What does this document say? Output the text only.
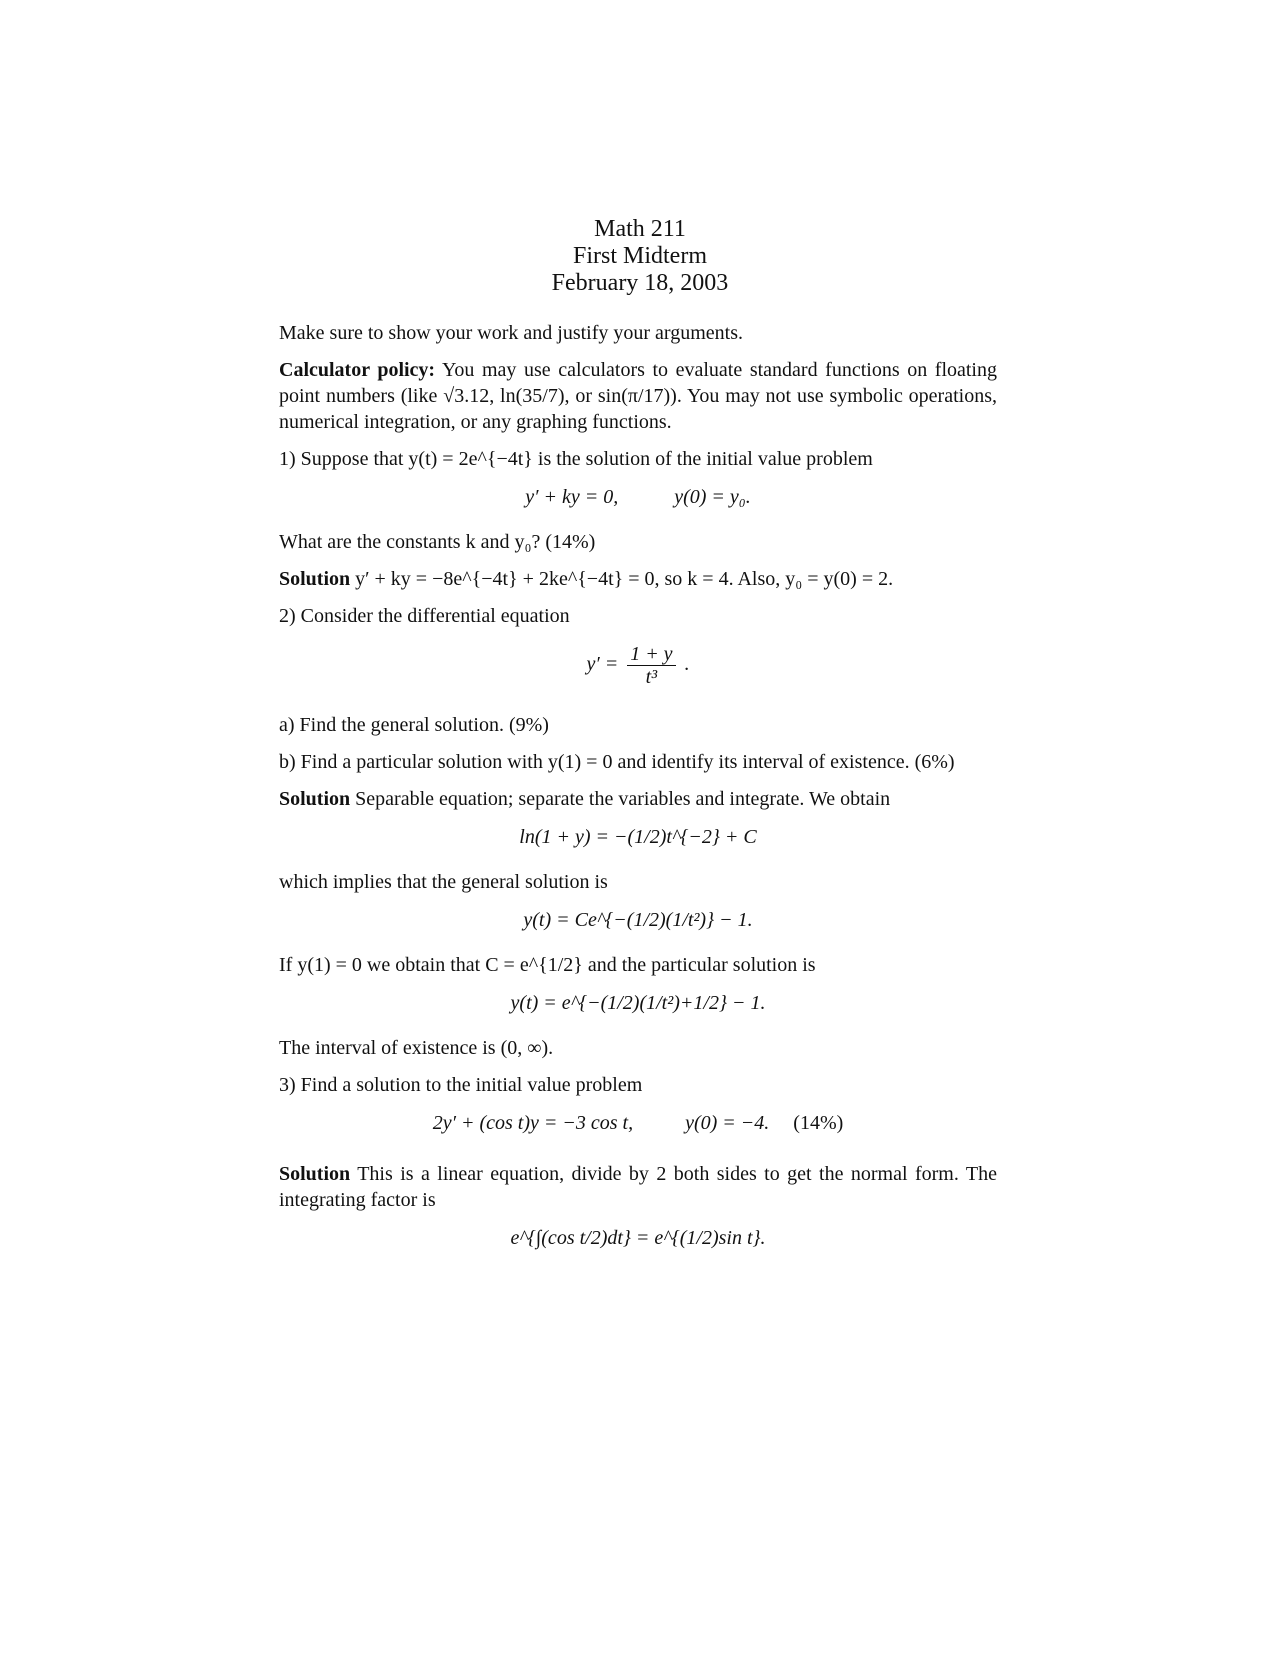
Math 211
First Midterm
February 18, 2003

Make sure to show your work and justify your arguments.

Calculator policy: You may use calculators to evaluate standard functions on floating point numbers (like √3.12, ln(35/7), or sin(π/17)). You may not use symbolic operations, numerical integration, or any graphing functions.

1) Suppose that y(t) = 2e^{−4t} is the solution of the initial value problem

y′ + ky = 0,	y(0) = y₀.

What are the constants k and y₀? (14%)

Solution y′ + ky = −8e^{−4t} + 2ke^{−4t} = 0, so k = 4. Also, y₀ = y(0) = 2.

2) Consider the differential equation

$y' = \frac{1 + y}{\text{t³}}$ .

a) Find the general solution. (9%)

b) Find a particular solution with y(1) = 0 and identify its interval of existence. (6%)

Solution Separable equation; separate the variables and integrate. We obtain

ln(1 + y) = −(1/2)t^{−2} + C

which implies that the general solution is

y(t) = Ce^{−(1/2)(1/t²)} − 1.

If y(1) = 0 we obtain that C = e^{1/2} and the particular solution is

y(t) = e^{−(1/2)(1/t²)+1/2} − 1.

The interval of existence is (0, ∞).

3) Find a solution to the initial value problem

2y′ + (cos t)y = −3 cos t,	y(0) = −4. (14%)

Solution This is a linear equation, divide by 2 both sides to get the normal form. The integrating factor is

e^{∫(cos t/2)dt} = e^{(1/2)sin t}.
